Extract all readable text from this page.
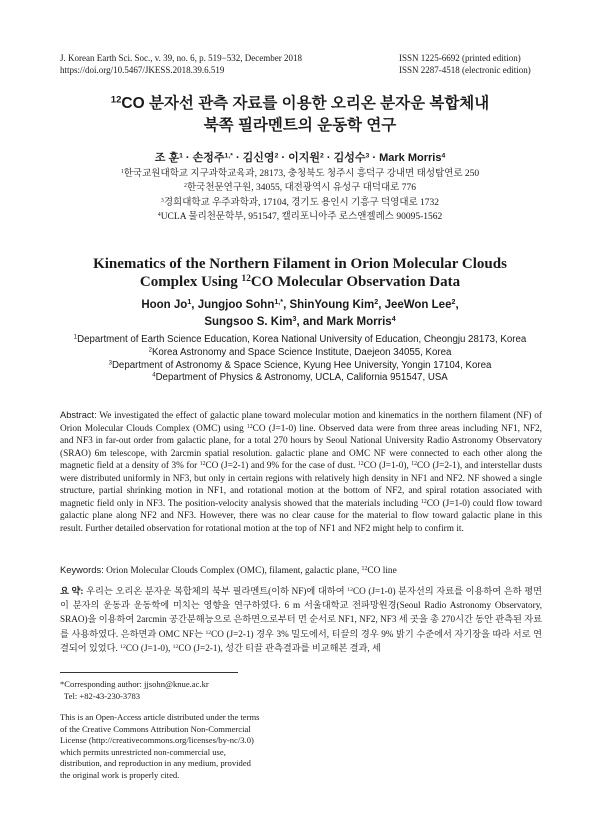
J. Korean Earth Sci. Soc., v. 39, no. 6, p. 519−532, December 2018
https://doi.org/10.5467/JKESS.2018.39.6.519
ISSN 1225-6692 (printed edition)
ISSN 2287-4518 (electronic edition)
$^{12}$CO 분자선 관측 자료를 이용한 오리온 분자운 복합체내
북쪽 필라멘트의 운동학 연구
조 훈$^1$ · 손정주$^{1,*}$ · 김신영$^2$ · 이지원$^2$ · 김성수$^3$ · Mark Morris$^4$
$^1$한국교원대학교 지구과학교육과, 28173, 충청북도 청주시 흥덕구 강내면 태성탑연로 250
$^2$한국천문연구원, 34055, 대전광역시 유성구 대덕대로 776
$^3$경희대학교 우주과학과, 17104, 경기도 용인시 기흥구 덕영대로 1732
$^4$UCLA 물리천문학부, 951547, 캘리포니아주 로스앤젤레스 90095-1562
Kinematics of the Northern Filament in Orion Molecular Clouds
Complex Using $^{12}$CO Molecular Observation Data
Hoon Jo$^1$, Jungjoo Sohn$^{1,*}$, ShinYoung Kim$^2$, JeeWon Lee$^2$,
Sungsoo S. Kim$^3$, and Mark Morris$^4$
$^1$Department of Earth Science Education, Korea National University of Education, Cheongju 28173, Korea
$^2$Korea Astronomy and Space Science Institute, Daejeon 34055, Korea
$^3$Department of Astronomy & Space Science, Kyung Hee University, Yongin 17104, Korea
$^4$Department of Physics & Astronomy, UCLA, California 951547, USA
Abstract: We investigated the effect of galactic plane toward molecular motion and kinematics in the northern filament (NF) of Orion Molecular Clouds Complex (OMC) using $^{12}$CO (J=1-0) line. Observed data were from three areas including NF1, NF2, and NF3 in far-out order from galactic plane, for a total 270 hours by Seoul National University Radio Astronomy Observatory (SRAO) 6m telescope, with 2arcmin spatial resolution. galactic plane and OMC NF were connected to each other along the magnetic field at a density of 3% for $^{12}$CO (J=2-1) and 9% for the case of dust. $^{12}$CO (J=1-0), $^{12}$CO (J=2-1), and interstellar dusts were distributed uniformly in NF3, but only in certain regions with relatively high density in NF1 and NF2. NF showed a single structure, partial shrinking motion in NF1, and rotational motion at the bottom of NF2, and spiral rotation associated with magnetic field only in NF3. The position-velocity analysis showed that the materials including $^{12}$CO (J=1-0) could flow toward galactic plane along NF2 and NF3. However, there was no clear cause for the material to flow toward galactic plane in this result. Further detailed observation for rotational motion at the top of NF1 and NF2 might help to confirm it.
Keywords: Orion Molecular Clouds Complex (OMC), filament, galactic plane, $^{12}$CO line
요 약: 우리는 오리온 분자운 복합체의 북부 필라멘트(이하 NF)에 대하여 $^{12}$CO (J=1-0) 분자선의 자료를 이용하여 은하 평면이 분자의 운동과 운동학에 미치는 영향을 연구하였다. 6 m 서울대학교 전파망원경(Seoul Radio Astronomy Observatory, SRAO)을 이용하여 2arcmin 공간분해능으로 은하면으로부터 먼 순서로 NF1, NF2, NF3 세 곳을 총 270시간 동안 관측된 자료를 사용하였다. 은하면과 OMC NF는 $^{12}$CO (J=2-1) 경우 3% 밀도에서, 티끌의 경우 9% 밝기 수준에서 자기장을 따라 서로 연결되어 있었다. $^{12}$CO (J=1-0), $^{12}$CO (J=2-1), 성간 티끌 관측결과를 비교해본 결과, 세
*Corresponding author: jjsohn@knue.ac.kr
Tel: +82-43-230-3783
This is an Open-Access article distributed under the terms of the Creative Commons Attribution Non-Commercial License (http://creativecommons.org/licenses/by-nc/3.0) which permits unrestricted non-commercial use, distribution, and reproduction in any medium, provided the original work is properly cited.
